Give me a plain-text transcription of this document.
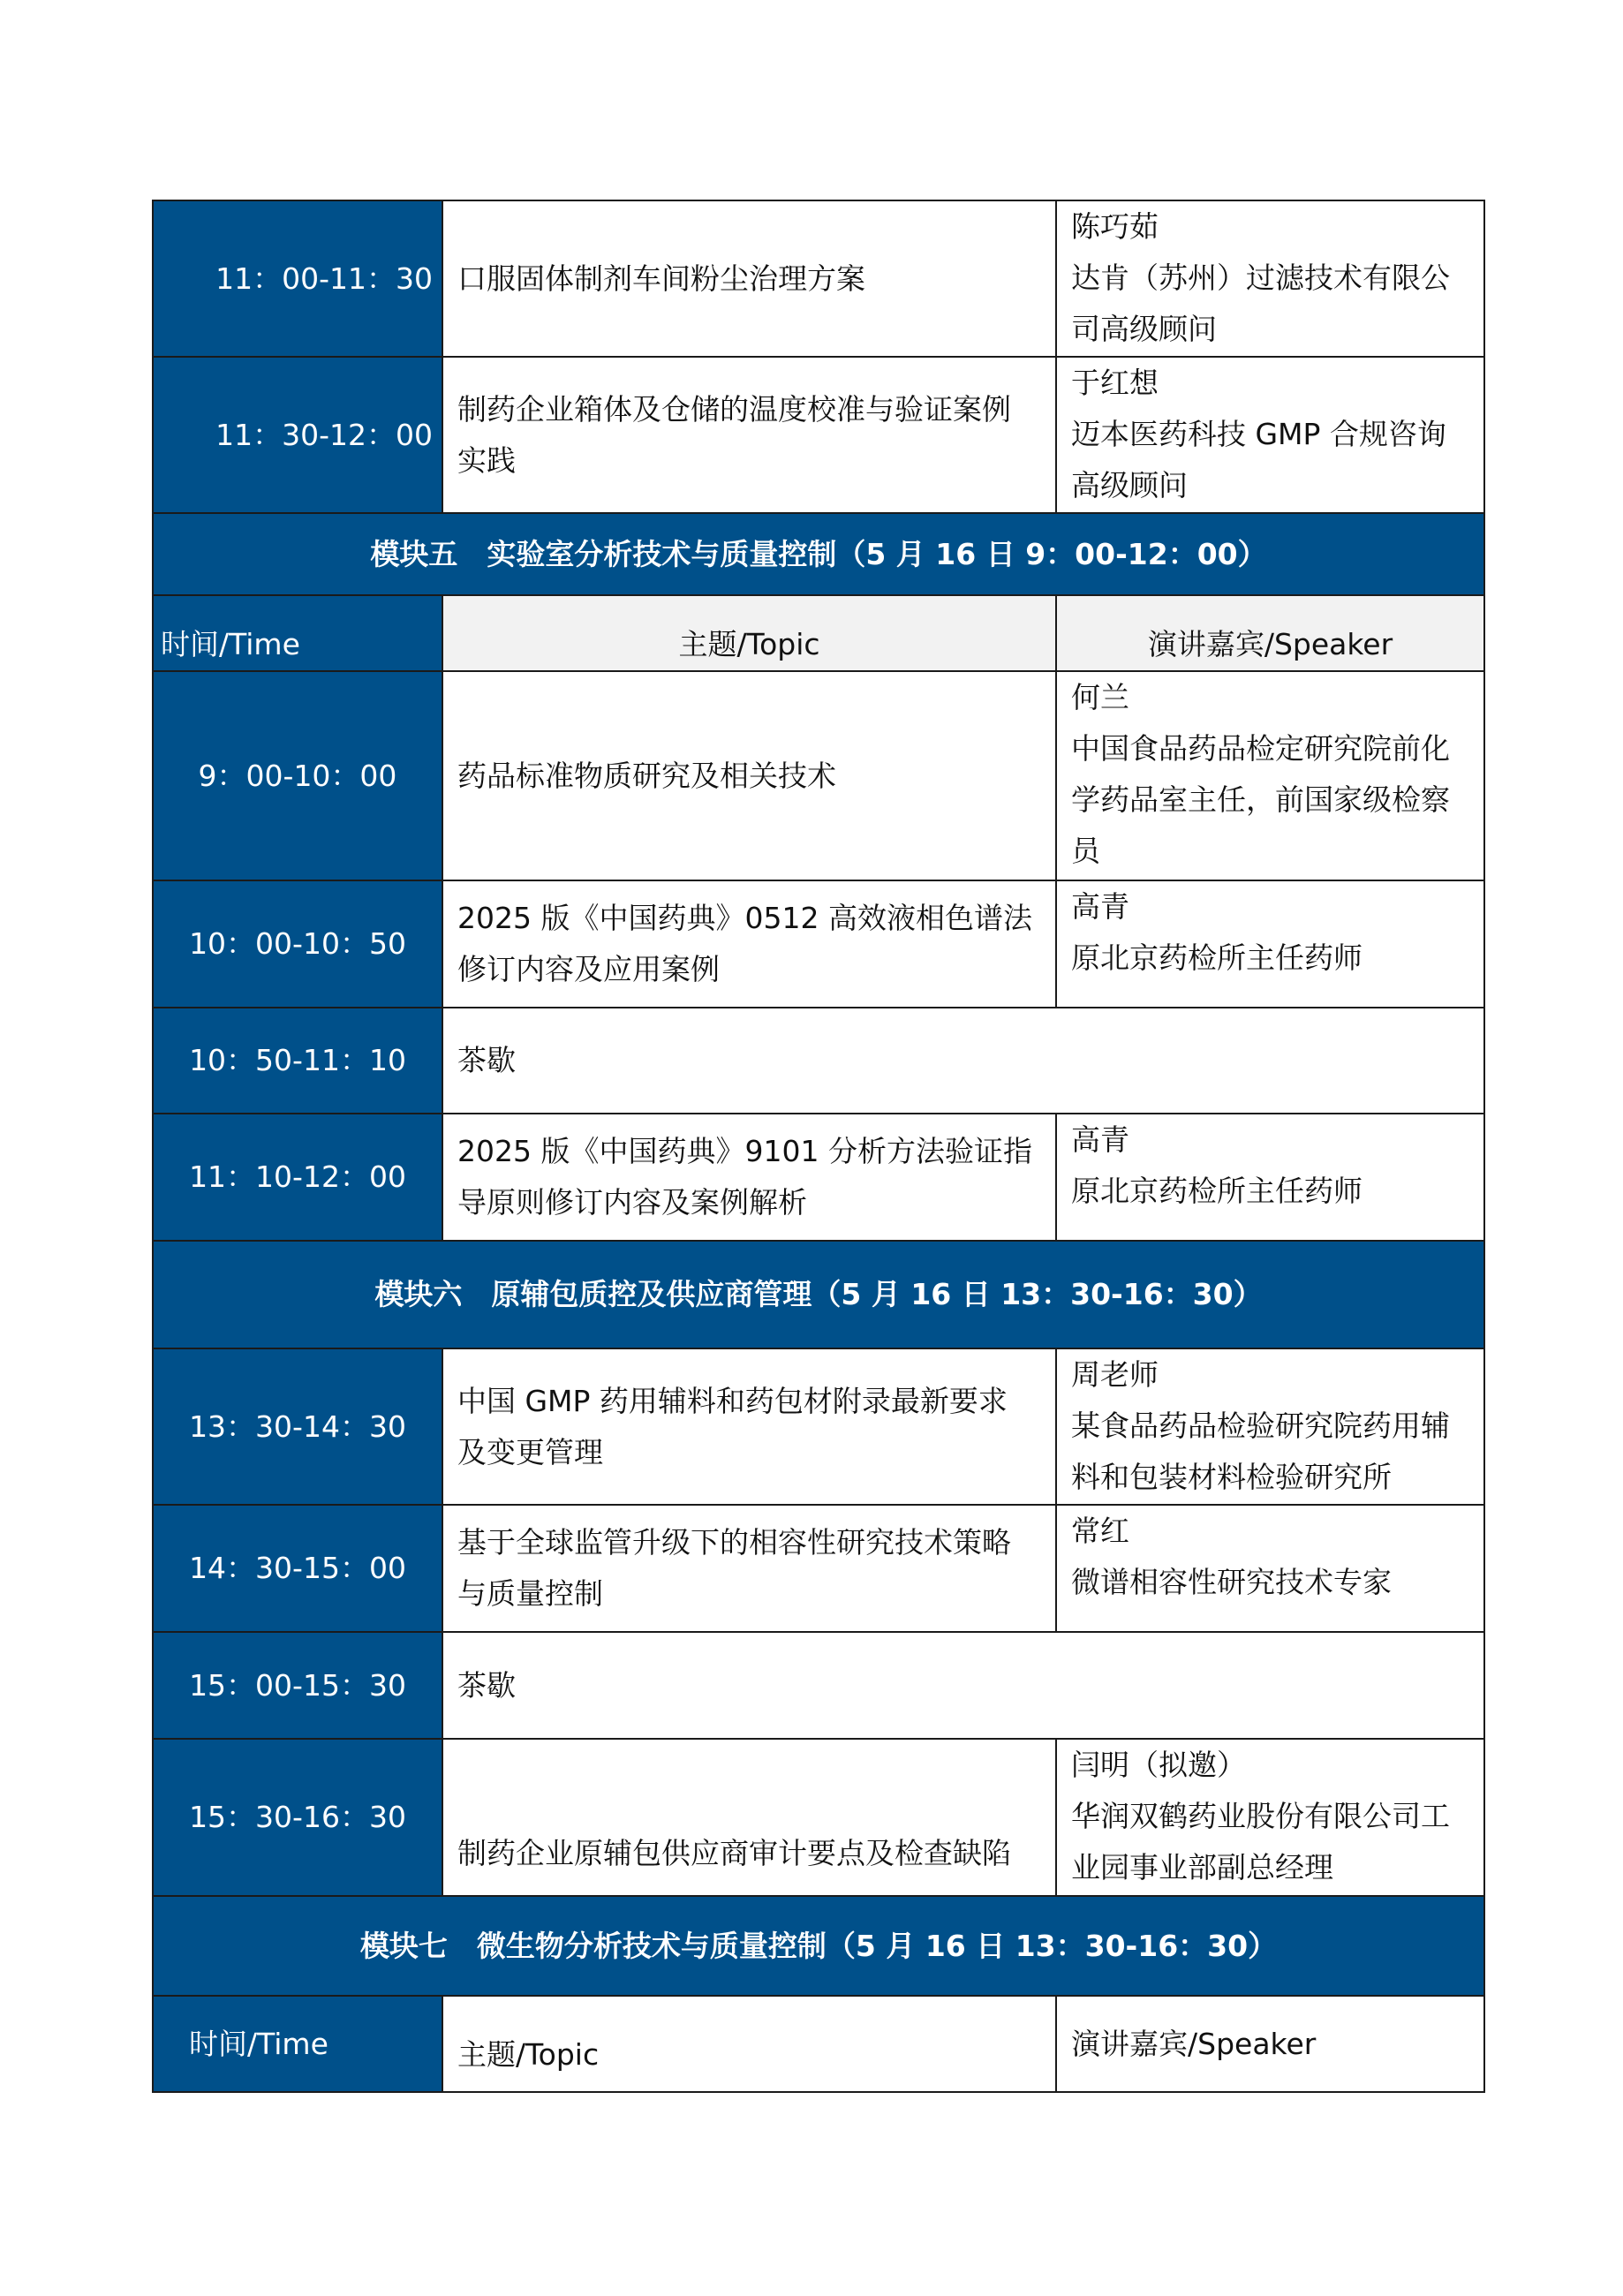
11：00-11：30	口服固体制剂车间粉尘治理方案	陈巧茹
达肯（苏州）过滤技术有限公
司高级顾问

11：30-12：00	制药企业箱体及仓储的温度校准与验证案例
实践	于红想
迈本医药科技 GMP 合规咨询
高级顾问

模块五　实验室分析技术与质量控制（5 月 16 日 9：00-12：00）		
时间/Time	主题/Topic	演讲嘉宾/Speaker
9：00-10：00	药品标准物质研究及相关技术	何兰
中国食品药品检定研究院前化
学药品室主任，前国家级检察
员

10：00-10：50	2025 版《中国药典》0512 高效液相色谱法
修订内容及应用案例	高青
原北京药检所主任药师

10：50-11：10	茶歇	
11：10-12：00	2025 版《中国药典》9101 分析方法验证指
导原则修订内容及案例解析	高青
原北京药检所主任药师

模块六　原辅包质控及供应商管理（5 月 16 日 13：30-16：30）		
13：30-14：30	中国 GMP 药用辅料和药包材附录最新要求
及变更管理	周老师
某食品药品检验研究院药用辅
料和包装材料检验研究所

14：30-15：00	基于全球监管升级下的相容性研究技术策略
与质量控制	常红
微谱相容性研究技术专家

15：00-15：30	茶歇	
15：30-16：30	制药企业原辅包供应商审计要点及检查缺陷	闫明（拟邀）
华润双鹤药业股份有限公司工
业园事业部副总经理

模块七　微生物分析技术与质量控制（5 月 16 日 13：30-16：30）		
时间/Time	主题/Topic	演讲嘉宾/Speaker
